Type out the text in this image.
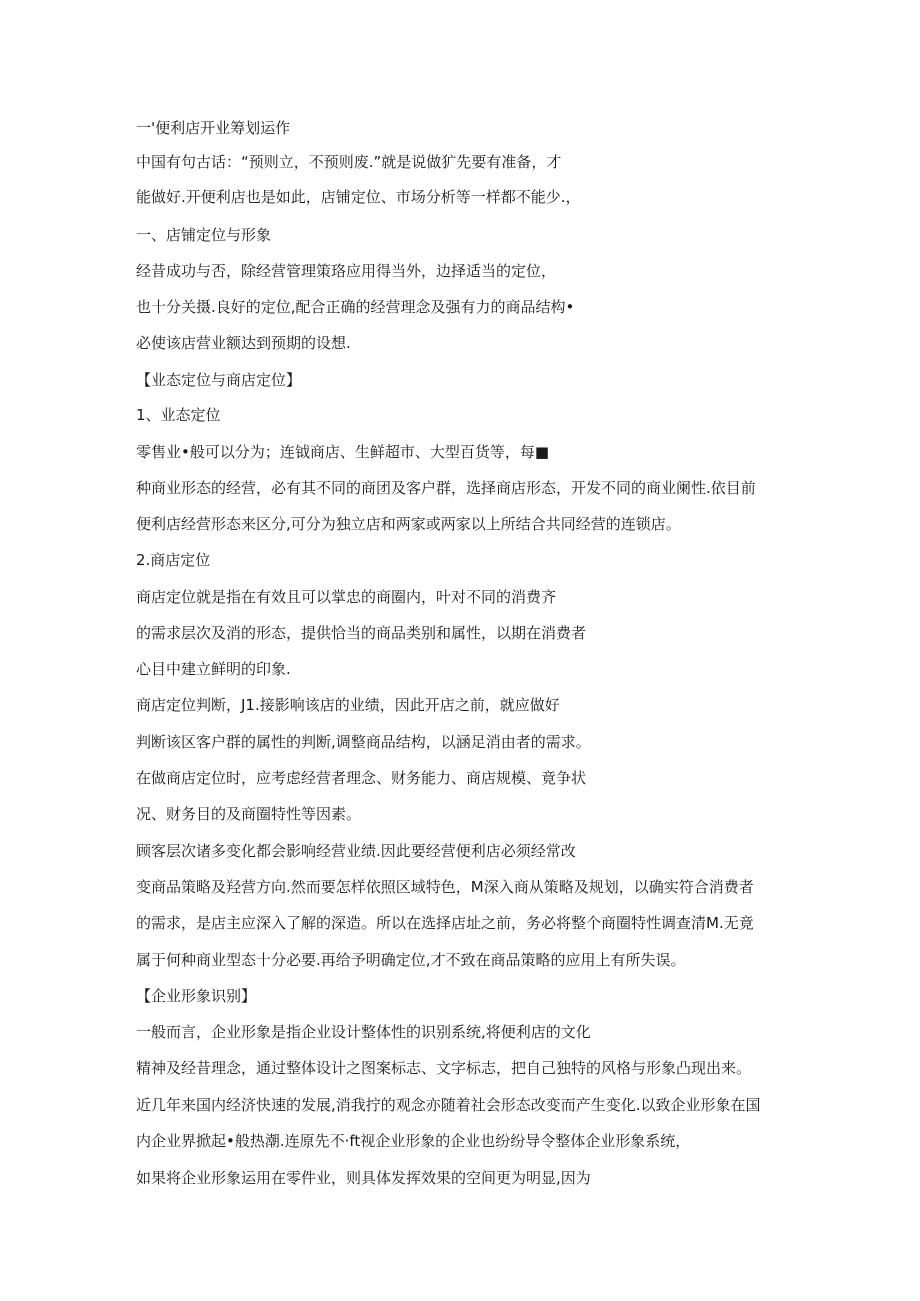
一'便利店开业筹划运作

中国有句古话：“预则立，不预则废.”就是说做犷先要有准备，才

能做好.开便利店也是如此，店铺定位、市场分析等一样都不能少.，

一、店铺定位与形象

经昔成功与否，除经营管理策珞应用得当外，边择适当的定位，

也十分关摄.良好的定位,配合正确的经营理念及强有力的商品结构•

必使该店营业额达到预期的设想.

【业态定位与商店定位】

1、业态定位

零售业•般可以分为；连钺商店、生鲜超市、大型百货等，每■

种商业形态的经营，必有其不同的商团及客户群，选择商店形态，开发不同的商业阑性.依目前

便利店经营形态来区分,可分为独立店和两家或两家以上所结合共同经营的连锁店。

2.商店定位

商店定位就是指在有效且可以掌忠的商圈内，叶对不同的消费齐

的需求层次及消的形态，提供恰当的商品类别和属性，以期在消费者

心目中建立鲜明的印象.

商店定位判断，J1.接影响该店的业绩，因此开店之前，就应做好

判断该区客户群的属性的判断,调整商品结构，以涵足消由者的需求。

在做商店定位时，应考虑经营者理念、财务能力、商店规模、竟争状

况、财务目的及商圈特性等因素。

顾客层次诸多变化都会影响经营业绩.因此要经营便利店必须经常改

变商品策略及羟营方向.然而要怎样依照区域特色，M深入商从策略及规划，以确实符合消费者

的需求，是店主应深入了解的深造。所以在选择店址之前，务必将整个商圈特性调查清M.无竟

属于何种商业型态十分必要.再给予明确定位,才不致在商品策略的应用上有所失误。

【企业形象识别】

一般而言，企业形象是指企业设计整体性的识别系统,将便利店的文化

精神及经昔理念，通过整体设计之图案标志、文字标志，把自己独特的风格与形象凸现出来。

近几年来国内经济快速的发展,消我拧的观念亦随着社会形态改变而产生变化.以致企业形象在国

内企业界掀起•般热潮.连原先不·ft视企业形象的企业也纷纷导令整体企业形象系统，

如果将企业形象运用在零件业，则具体发挥效果的空间更为明显,因为
